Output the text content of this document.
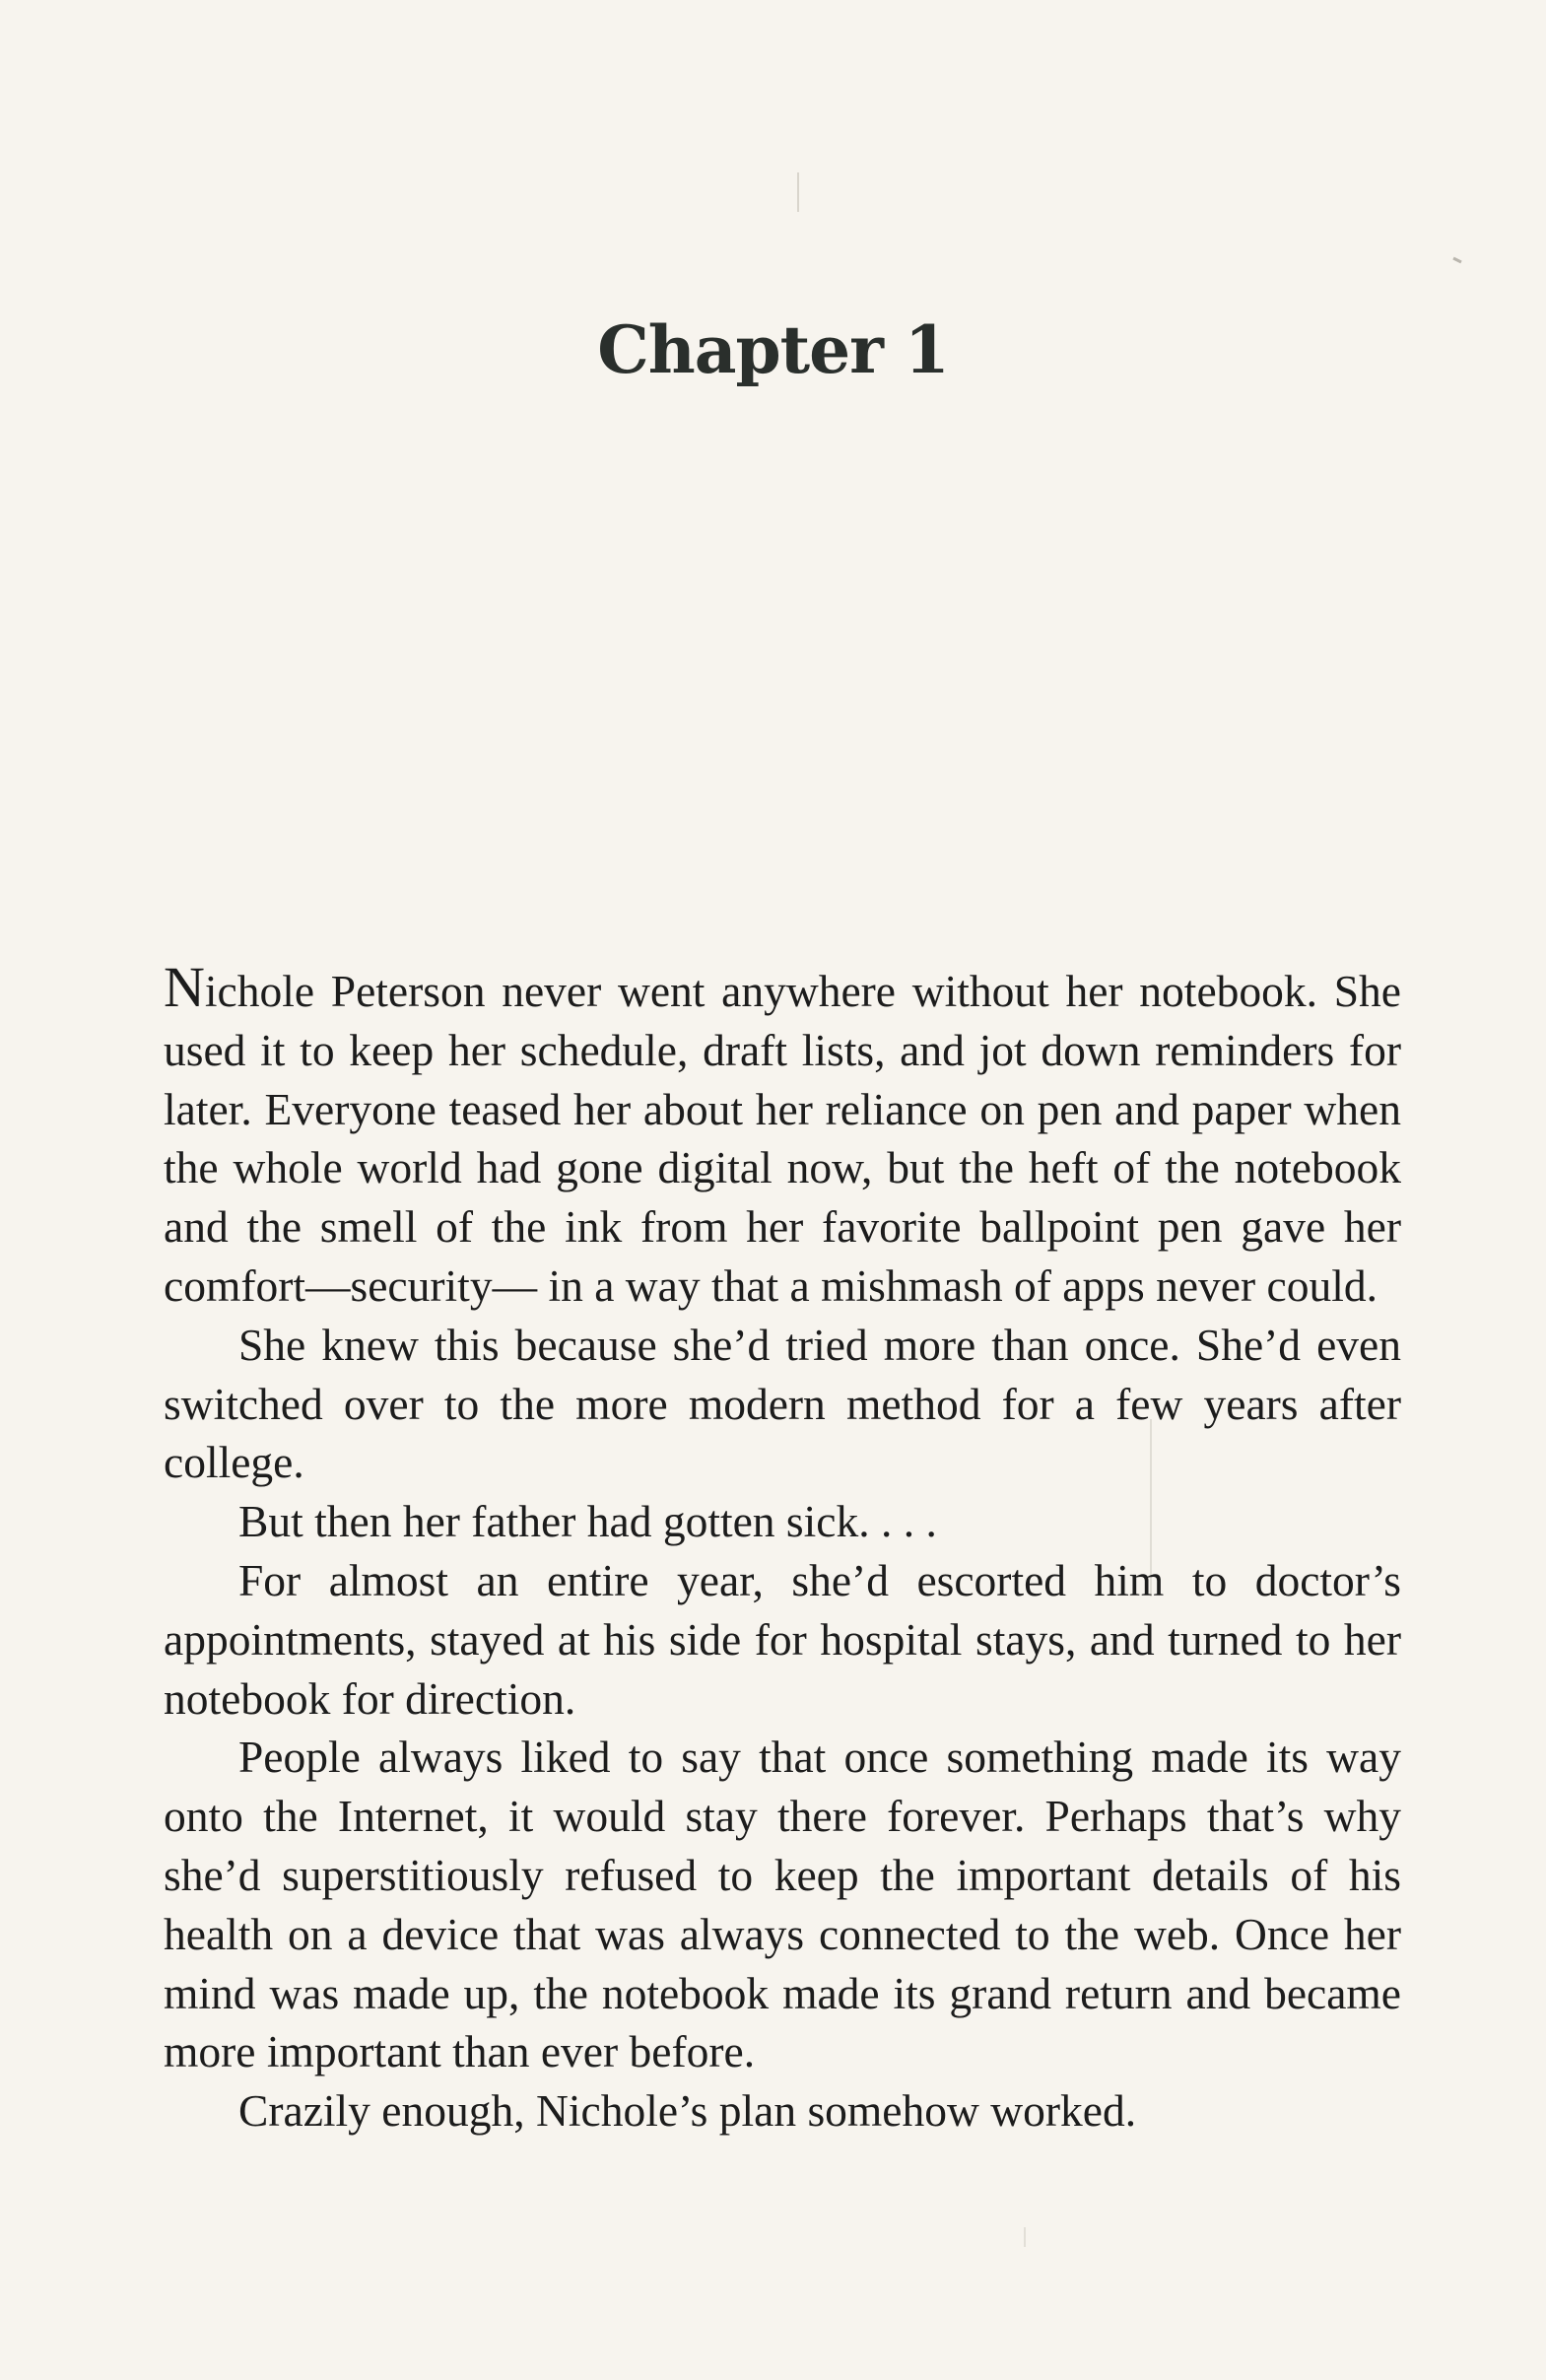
Chapter 1

Nichole Peterson never went anywhere without her notebook. She used it to keep her schedule, draft lists, and jot down reminders for later. Everyone teased her about her reliance on pen and paper when the whole world had gone digital now, but the heft of the notebook and the smell of the ink from her favorite ballpoint pen gave her comfort—security— in a way that a mishmash of apps never could.

She knew this because she’d tried more than once. She’d even switched over to the more modern method for a few years after college.

But then her father had gotten sick. . . .

For almost an entire year, she’d escorted him to doctor’s appointments, stayed at his side for hospital stays, and turned to her notebook for direction.

People always liked to say that once something made its way onto the Internet, it would stay there forever. Perhaps that’s why she’d superstitiously refused to keep the important details of his health on a device that was always connected to the web. Once her mind was made up, the notebook made its grand return and became more important than ever before.

Crazily enough, Nichole’s plan somehow worked.
